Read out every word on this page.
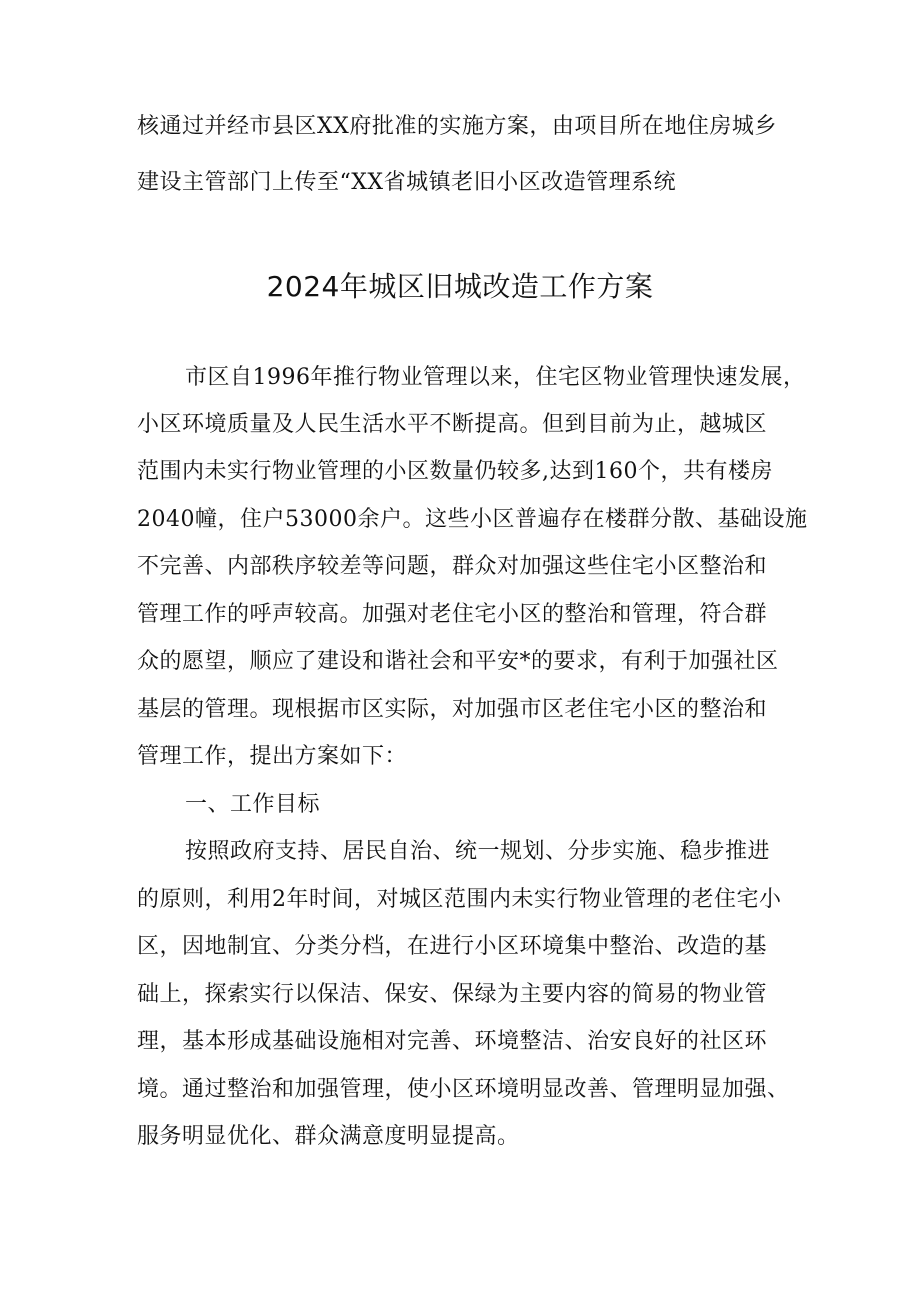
核通过并经市县区XX府批准的实施方案，由项目所在地住房城乡
建设主管部门上传至“XX省城镇老旧小区改造管理系统
2024年城区旧城改造工作方案
市区自1996年推行物业管理以来，住宅区物业管理快速发展，
小区环境质量及人民生活水平不断提高。但到目前为止，越城区
范围内未实行物业管理的小区数量仍较多,达到160个，共有楼房
2040幢，住户53000余户。这些小区普遍存在楼群分散、基础设施
不完善、内部秩序较差等问题，群众对加强这些住宅小区整治和
管理工作的呼声较高。加强对老住宅小区的整治和管理，符合群
众的愿望，顺应了建设和谐社会和平安*的要求，有利于加强社区
基层的管理。现根据市区实际，对加强市区老住宅小区的整治和
管理工作，提出方案如下：
一、工作目标
按照政府支持、居民自治、统一规划、分步实施、稳步推进
的原则，利用2年时间，对城区范围内未实行物业管理的老住宅小
区，因地制宜、分类分档，在进行小区环境集中整治、改造的基
础上，探索实行以保洁、保安、保绿为主要内容的简易的物业管
理，基本形成基础设施相对完善、环境整洁、治安良好的社区环
境。通过整治和加强管理，使小区环境明显改善、管理明显加强、
服务明显优化、群众满意度明显提高。
